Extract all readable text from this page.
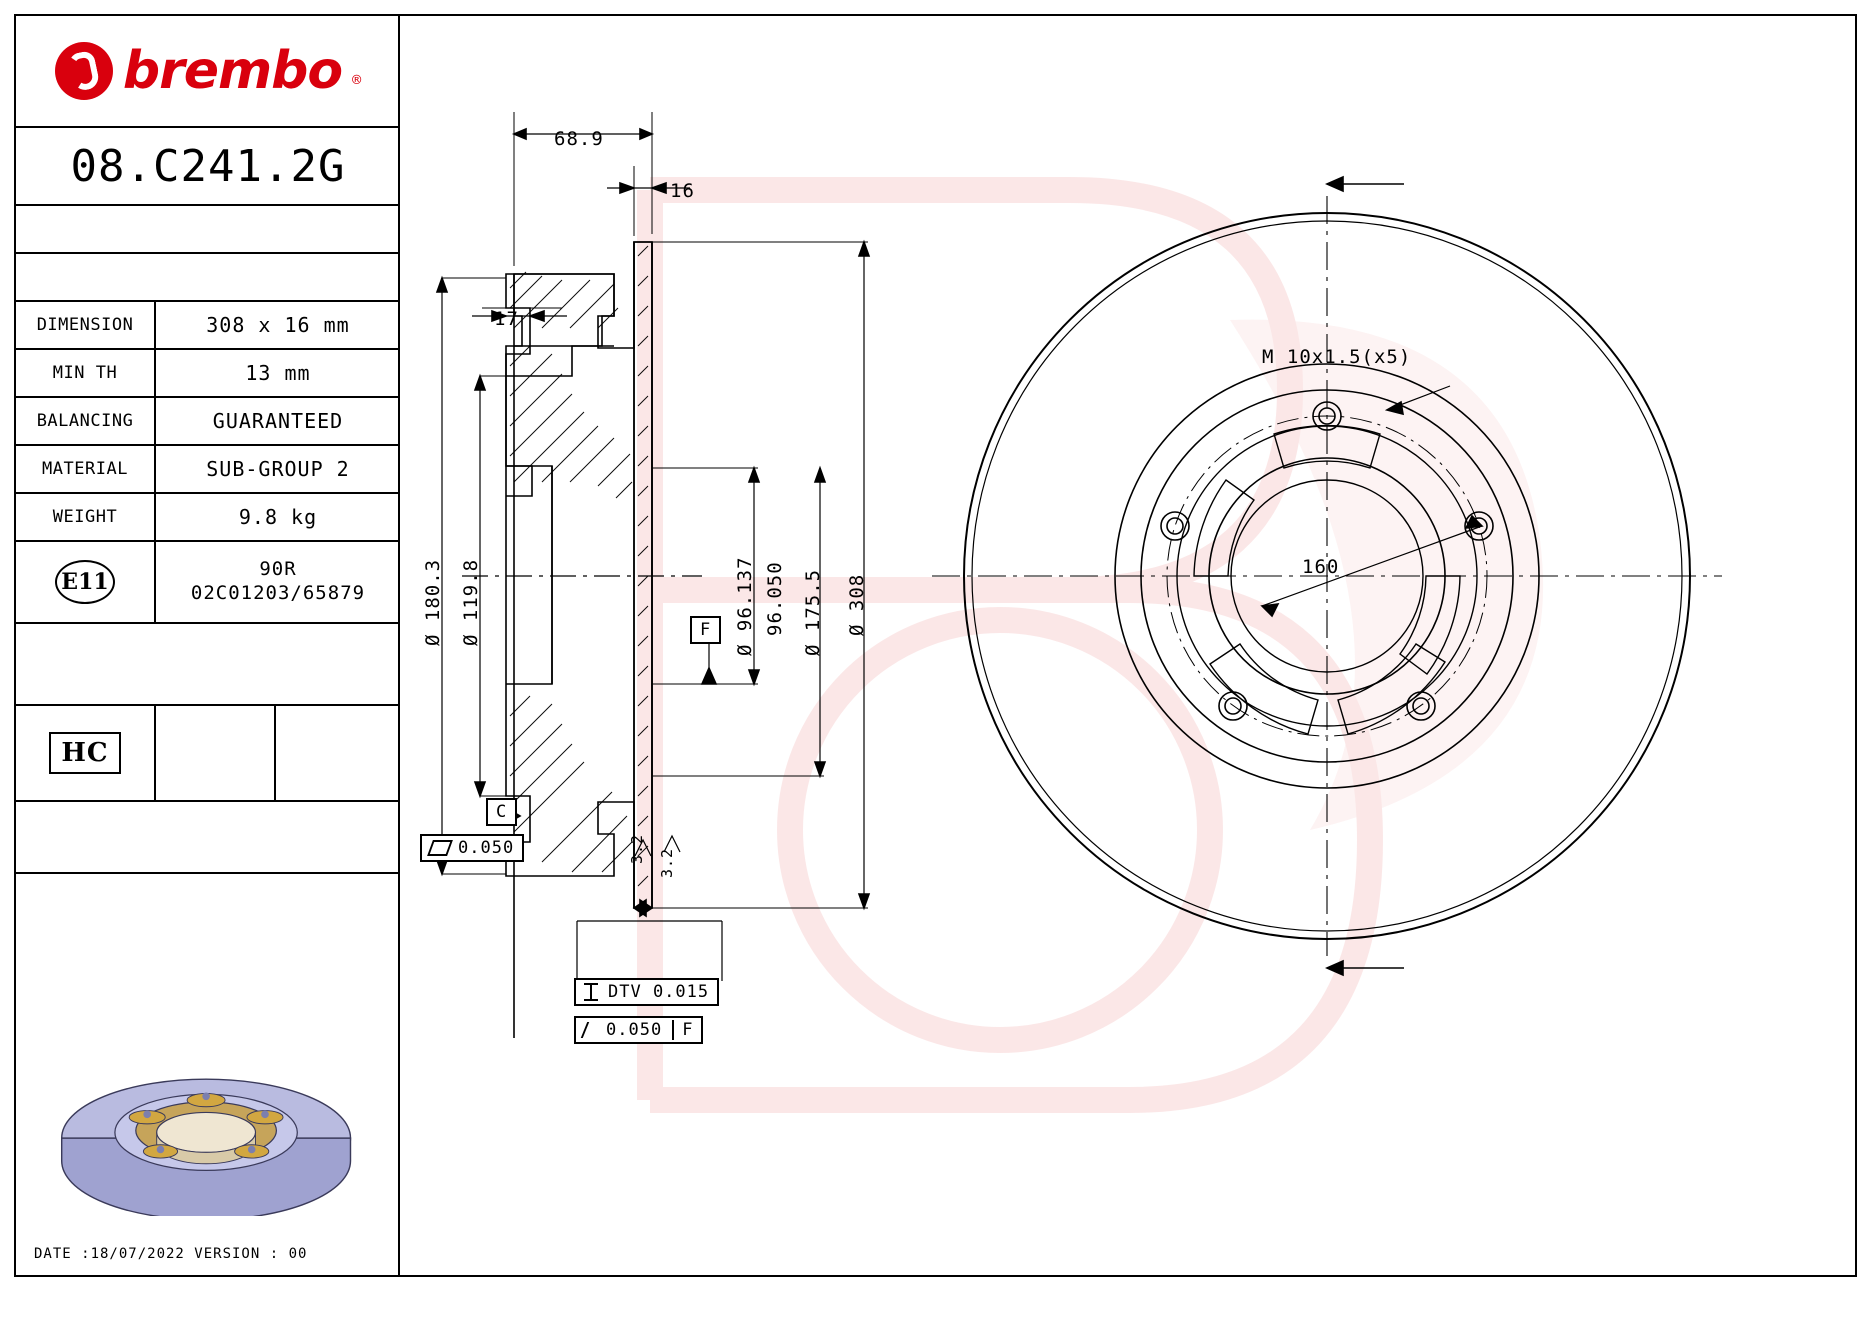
brembo ®
08.C241.2G
DIMENSION	308 x 16 mm
MIN TH	13 mm
BALANCING	GUARANTEED
MATERIAL	SUB-GROUP 2
WEIGHT	9.8 kg
E11	90R
02C01203/65879
HC
DATE :18/07/2022 VERSION : 00
68.9
16
17
Ø 180.3 Ø 119.8	Ø 96.137 96.050 Ø 175.5 Ø 308
3.2 3.2
F
C
0.050
DTV 0.015
0.050	F
M 10x1.5(x5)
160
